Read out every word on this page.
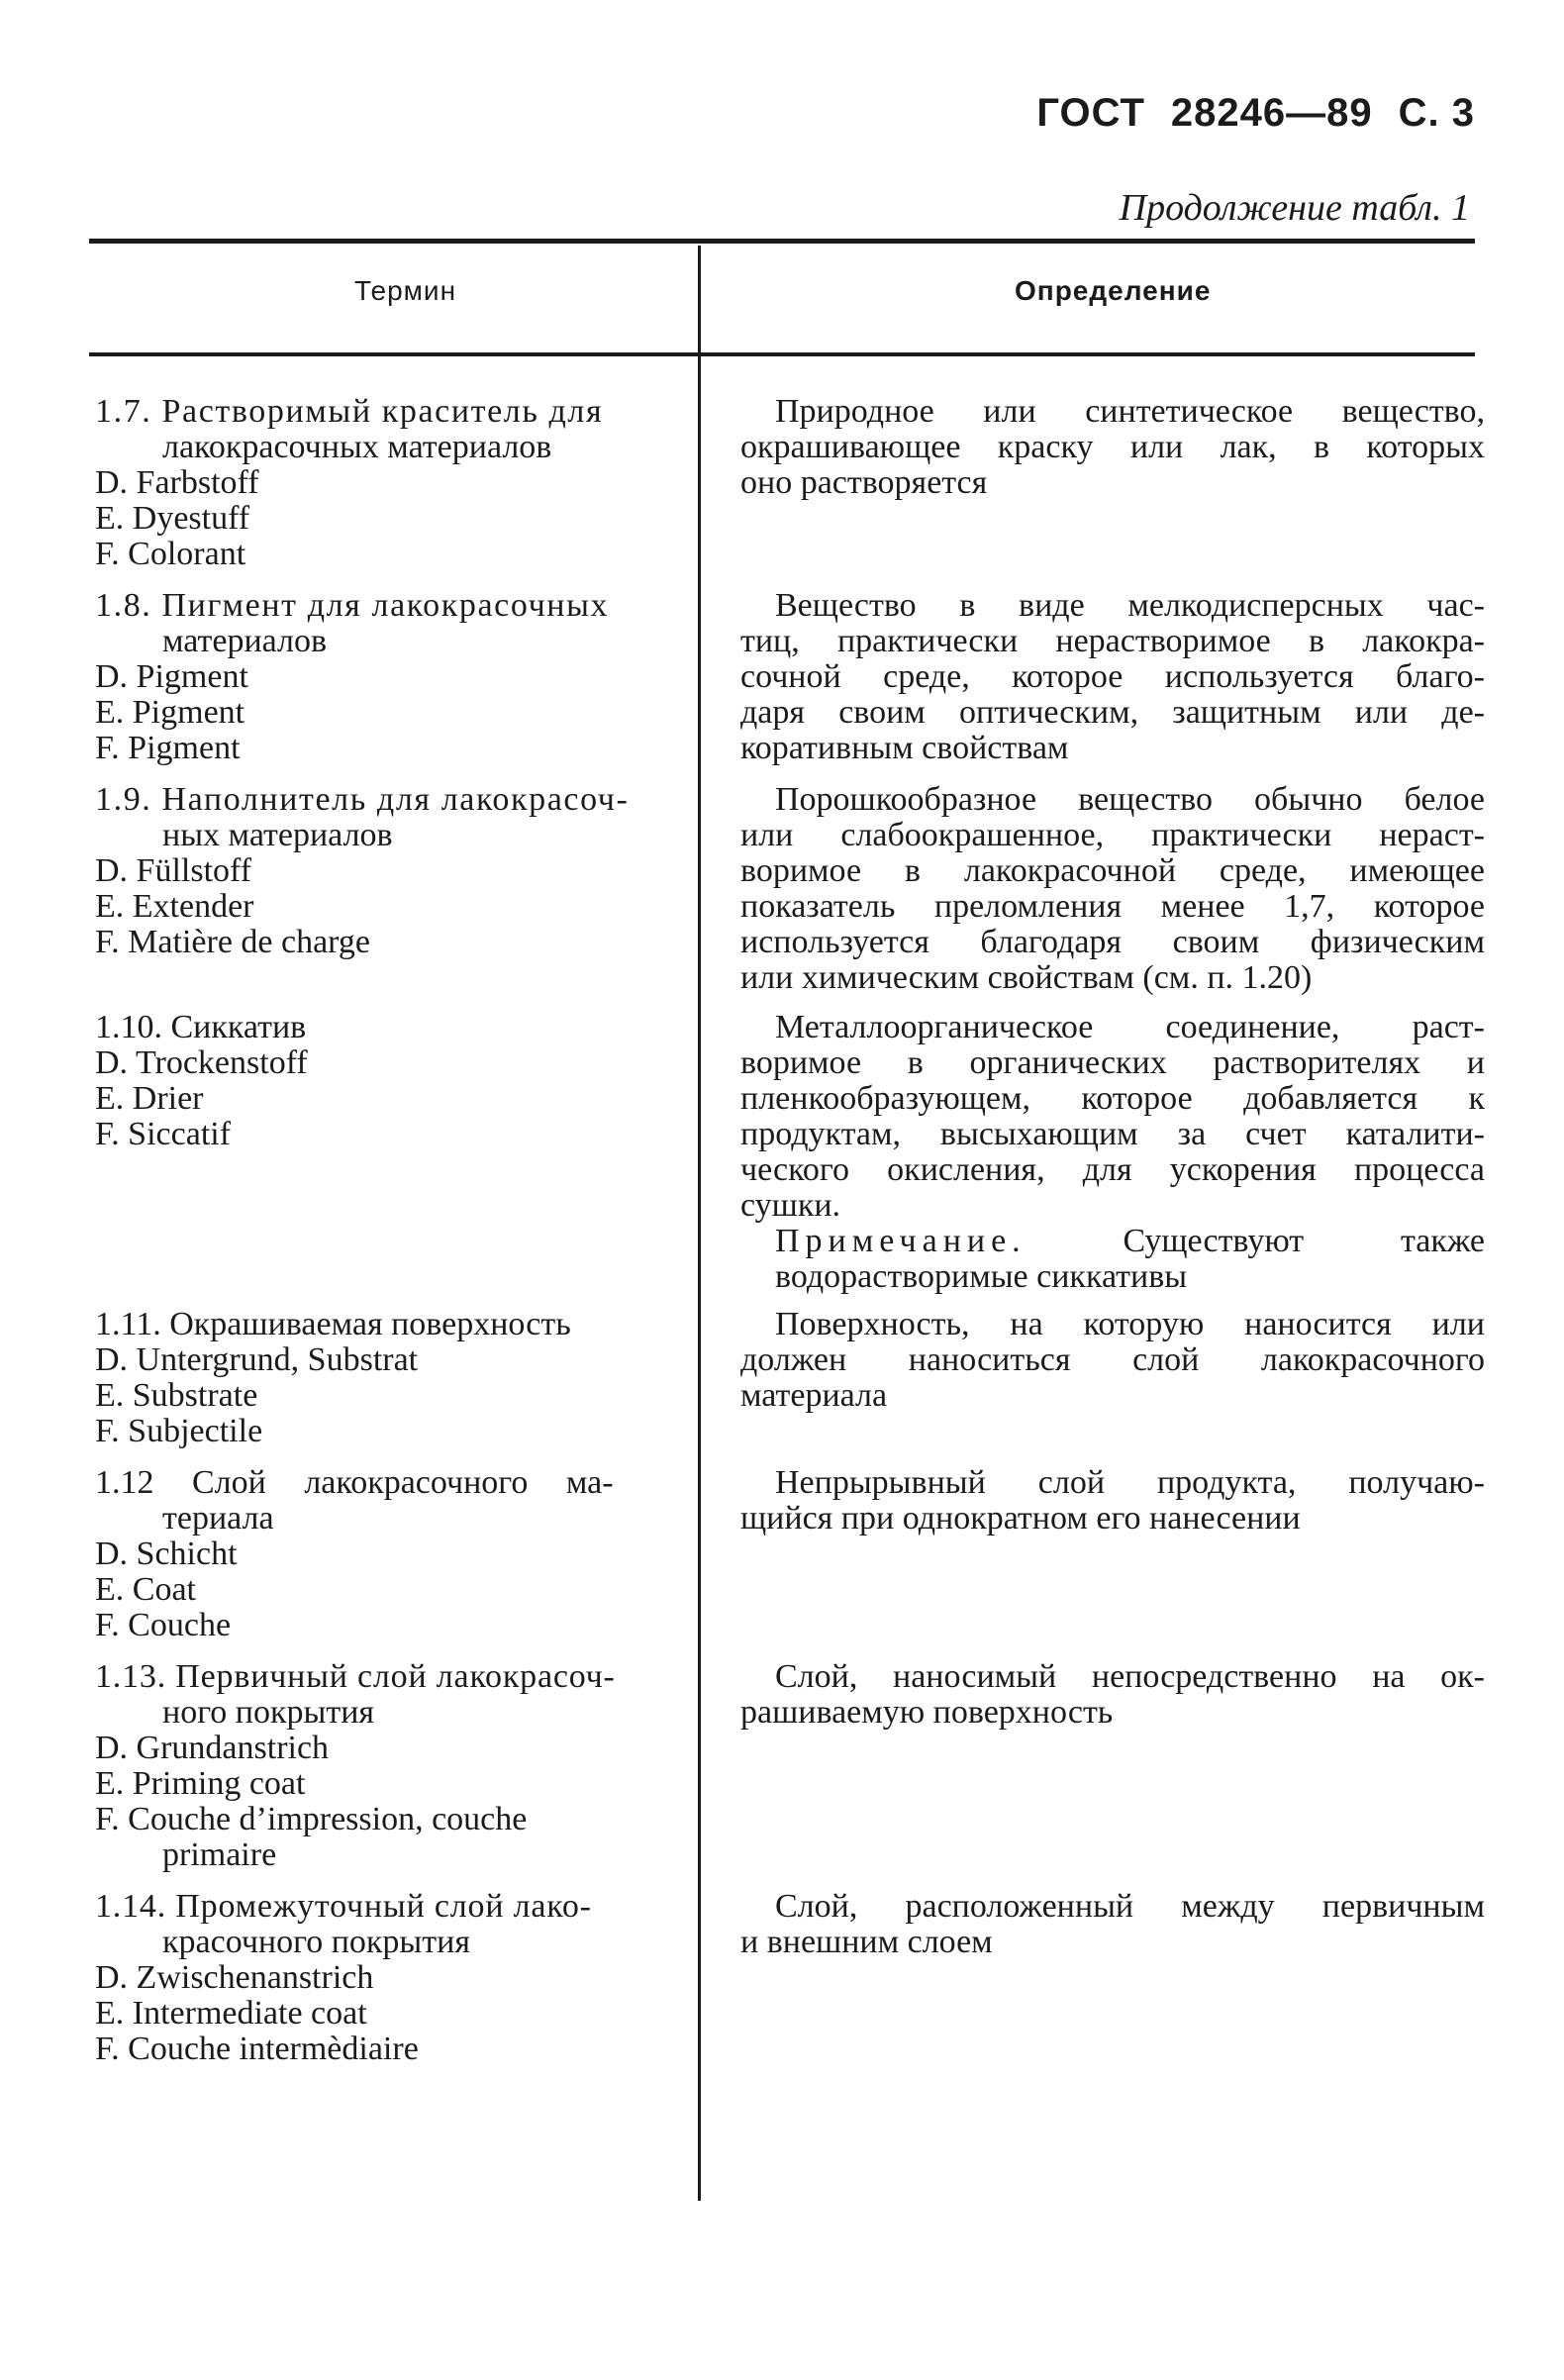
ГОСТ 28246—89 С. 3
Продолжение табл. 1
Термин	Определение
1.7. Растворимый краситель для
лакокрасочных материалов
D. Farbstoff
E. Dyestuff
F. Colorant
Природное или синтетическое вещество,
окрашивающее краску или лак, в которых
оно растворяется
1.8. Пигмент для лакокрасочных
материалов
D. Pigment
E. Pigment
F. Pigment
Вещество в виде мелкодисперсных час-
тиц, практически нерастворимое в лакокра-
сочной среде, которое используется благо-
даря своим оптическим, защитным или де-
коративным свойствам
1.9. Наполнитель для лакокрасоч-
ных материалов
D. Füllstoff
E. Extender
F. Matière de charge
Порошкообразное вещество обычно белое
или слабоокрашенное, практически нераст-
воримое в лакокрасочной среде, имеющее
показатель преломления менее 1,7, которое
используется благодаря своим физическим
или химическим свойствам (см. п. 1.20)
1.10. Сиккатив
D. Trockenstoff
E. Drier
F. Siccatif
Металлоорганическое соединение, раст-
воримое в органических растворителях и
пленкообразующем, которое добавляется к
продуктам, высыхающим за счет каталити-
ческого окисления, для ускорения процесса
сушки.
Примечание.	Существуют также
водорастворимые сиккативы
1.11. Окрашиваемая поверхность
D. Untergrund, Substrat
E. Substrate
F. Subjectile
Поверхность, на которую наносится или
должен наноситься слой лакокрасочного
материала
1.12 Слой лакокрасочного ма-
териала
D. Schicht
E. Coat
F. Couche
Непрырывный слой продукта, получаю-
щийся при однократном его нанесении
1.13. Первичный слой лакокрасоч-
ного покрытия
D. Grundanstrich
E. Priming coat
F. Couche d’impression, couche
primaire
Слой, наносимый непосредственно на ок-
рашиваемую поверхность
1.14. Промежуточный слой лако-
красочного покрытия
D. Zwischenanstrich
E. Intermediate coat
F. Couche intermèdiaire
Слой, расположенный между первичным
и внешним слоем
